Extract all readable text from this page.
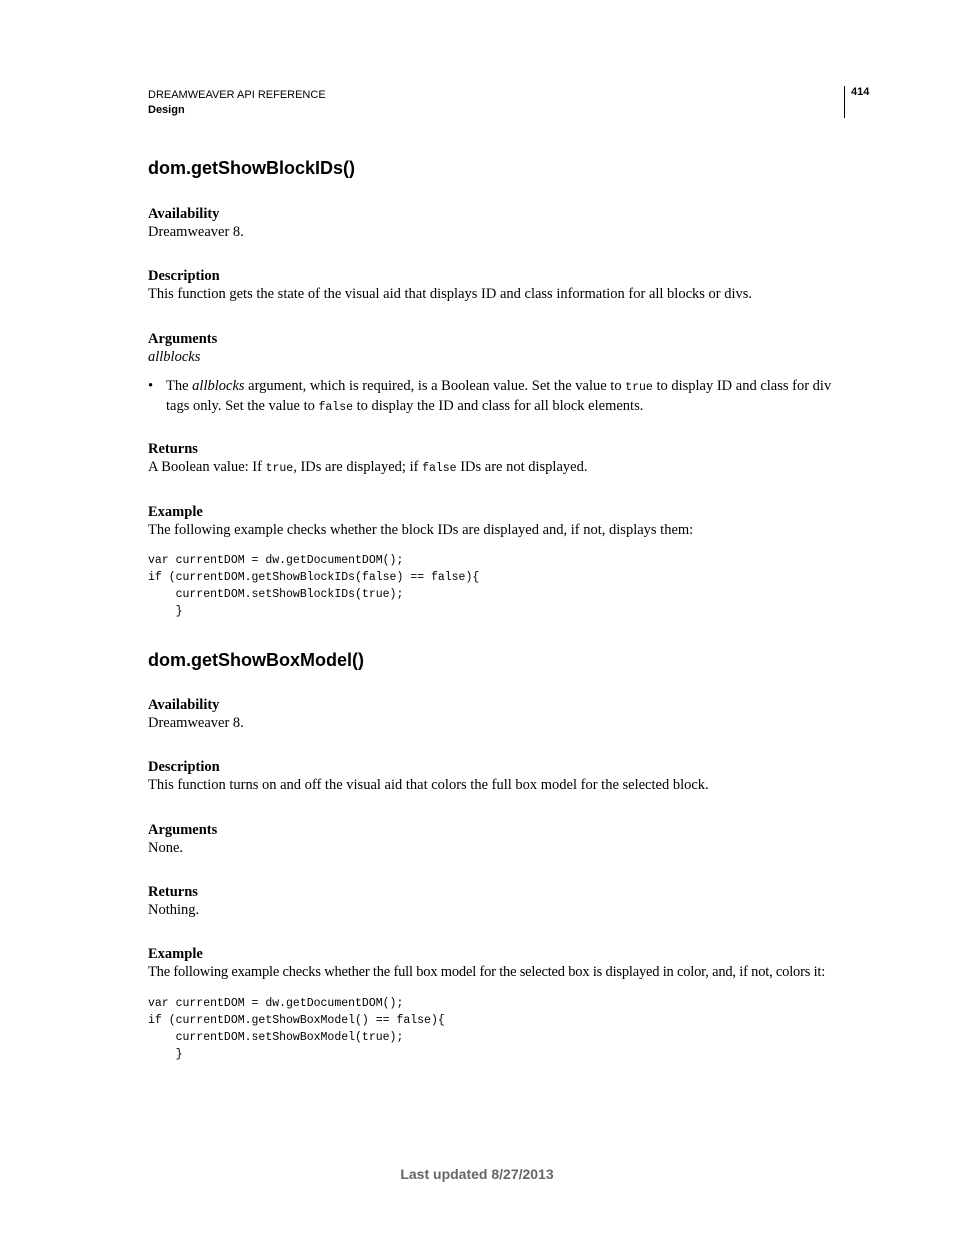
DREAMWEAVER API REFERENCE
Design
414
dom.getShowBlockIDs()

Availability

Dreamweaver 8.

Description

This function gets the state of the visual aid that displays ID and class information for all blocks or divs.

Arguments

allblocks

• The allblocks argument, which is required, is a Boolean value. Set the value to true to display ID and class for div tags only. Set the value to false to display the ID and class for all block elements.

Returns

A Boolean value: If true, IDs are displayed; if false IDs are not displayed.

Example

The following example checks whether the block IDs are displayed and, if not, displays them:

var currentDOM = dw.getDocumentDOM();
if (currentDOM.getShowBlockIDs(false) == false){
currentDOM.setShowBlockIDs(true);
}
dom.getShowBoxModel()

Availability

Dreamweaver 8.

Description

This function turns on and off the visual aid that colors the full box model for the selected block.

Arguments

None.

Returns

Nothing.

Example

The following example checks whether the full box model for the selected box is displayed in color, and, if not, colors it:

var currentDOM = dw.getDocumentDOM();
if (currentDOM.getShowBoxModel() == false){
currentDOM.setShowBoxModel(true);
}
Last updated 8/27/2013
